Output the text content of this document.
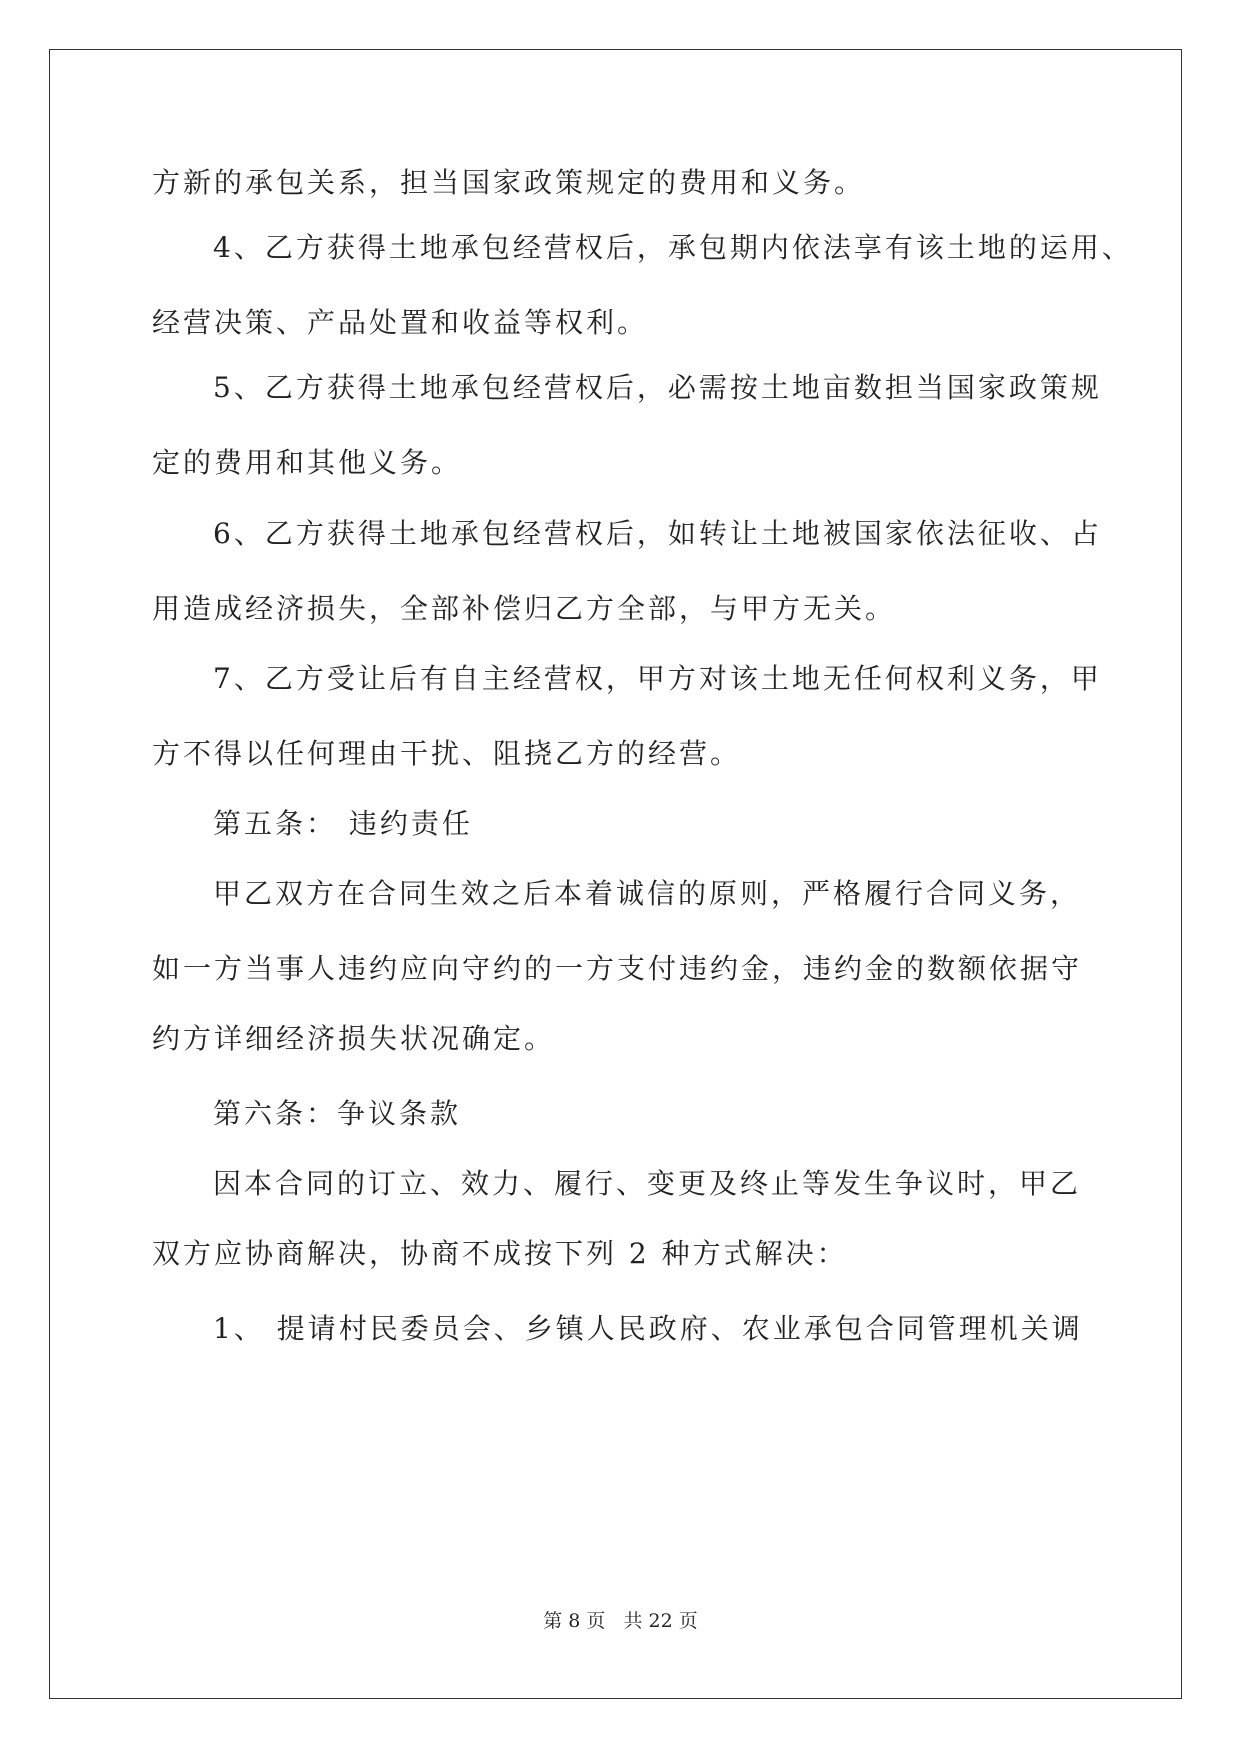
方新的承包关系，担当国家政策规定的费用和义务。
4、乙方获得土地承包经营权后，承包期内依法享有该土地的运用、
经营决策、产品处置和收益等权利。
5、乙方获得土地承包经营权后，必需按土地亩数担当国家政策规
定的费用和其他义务。
6、乙方获得土地承包经营权后，如转让土地被国家依法征收、占
用造成经济损失，全部补偿归乙方全部，与甲方无关。
7、乙方受让后有自主经营权，甲方对该土地无任何权利义务，甲
方不得以任何理由干扰、阻挠乙方的经营。
第五条： 违约责任
甲乙双方在合同生效之后本着诚信的原则，严格履行合同义务，
如一方当事人违约应向守约的一方支付违约金，违约金的数额依据守
约方详细经济损失状况确定。
第六条：争议条款
因本合同的订立、效力、履行、变更及终止等发生争议时，甲乙
双方应协商解决，协商不成按下列 2 种方式解决：
1、 提请村民委员会、乡镇人民政府、农业承包合同管理机关调
第 8 页   共 22 页
